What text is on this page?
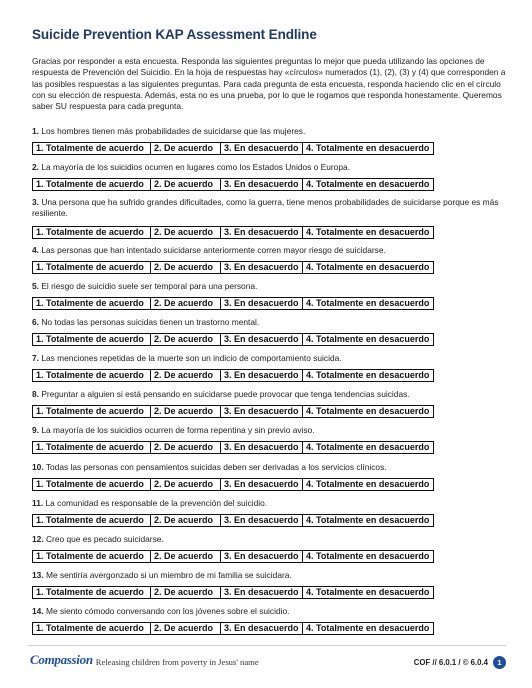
Suicide Prevention KAP Assessment Endline
Gracias por responder a esta encuesta. Responda las siguientes preguntas lo mejor que pueda utilizando las opciones de respuesta de Prevención del Suicidio. En la hoja de respuestas hay «círculos» numerados (1), (2), (3) y (4) que corresponden a las posibles respuestas a las siguientes preguntas. Para cada pregunta de esta encuesta, responda haciendo clic en el círculo con su elección de respuesta. Además, esta no es una prueba, por lo que le rogamos que responda honestamente. Queremos saber SU respuesta para cada pregunta.
1. Los hombres tienen más probabilidades de suicidarse que las mujeres.
1. Totalmente de acuerdo	2. De acuerdo	3. En desacuerdo 4. Totalmente en desacuerdo
2. La mayoría de los suicidios ocurren en lugares como los Estados Unidos o Europa.
1. Totalmente de acuerdo	2. De acuerdo	3. En desacuerdo 4. Totalmente en desacuerdo
3. Una persona que ha sufrido grandes dificultades, como la guerra, tiene menos probabilidades de suicidarse porque es más resiliente.
1. Totalmente de acuerdo	2. De acuerdo	3. En desacuerdo 4. Totalmente en desacuerdo
4. Las personas que han intentado suicidarse anteriormente corren mayor riesgo de suicidarse.
1. Totalmente de acuerdo	2. De acuerdo	3. En desacuerdo 4. Totalmente en desacuerdo
5. El riesgo de suicidio suele ser temporal para una persona.
1. Totalmente de acuerdo	2. De acuerdo	3. En desacuerdo 4. Totalmente en desacuerdo
6. No todas las personas suicidas tienen un trastorno mental.
1. Totalmente de acuerdo	2. De acuerdo	3. En desacuerdo 4. Totalmente en desacuerdo
7. Las menciones repetidas de la muerte son un indicio de comportamiento suicida.
1. Totalmente de acuerdo	2. De acuerdo	3. En desacuerdo 4. Totalmente en desacuerdo
8. Preguntar a alguien si está pensando en suicidarse puede provocar que tenga tendencias suicidas.
1. Totalmente de acuerdo	2. De acuerdo	3. En desacuerdo 4. Totalmente en desacuerdo
9. La mayoría de los suicidios ocurren de forma repentina y sin previo aviso.
1. Totalmente de acuerdo	2. De acuerdo	3. En desacuerdo 4. Totalmente en desacuerdo
10. Todas las personas con pensamientos suicidas deben ser derivadas a los servicios clínicos.
1. Totalmente de acuerdo	2. De acuerdo	3. En desacuerdo 4. Totalmente en desacuerdo
11. La comunidad es responsable de la prevención del suicidio.
1. Totalmente de acuerdo	2. De acuerdo	3. En desacuerdo 4. Totalmente en desacuerdo
12. Creo que es pecado suicidarse.
1. Totalmente de acuerdo	2. De acuerdo	3. En desacuerdo 4. Totalmente en desacuerdo
13. Me sentiría avergonzado si un miembro de mi familia se suicidara.
1. Totalmente de acuerdo	2. De acuerdo	3. En desacuerdo 4. Totalmente en desacuerdo
14. Me siento cómodo conversando con los jóvenes sobre el suicidio.
1. Totalmente de acuerdo	2. De acuerdo	3. En desacuerdo 4. Totalmente en desacuerdo
Compassion Releasing children from poverty in Jesus' name	COF // 6.0.1 / © 6.0.4	1
